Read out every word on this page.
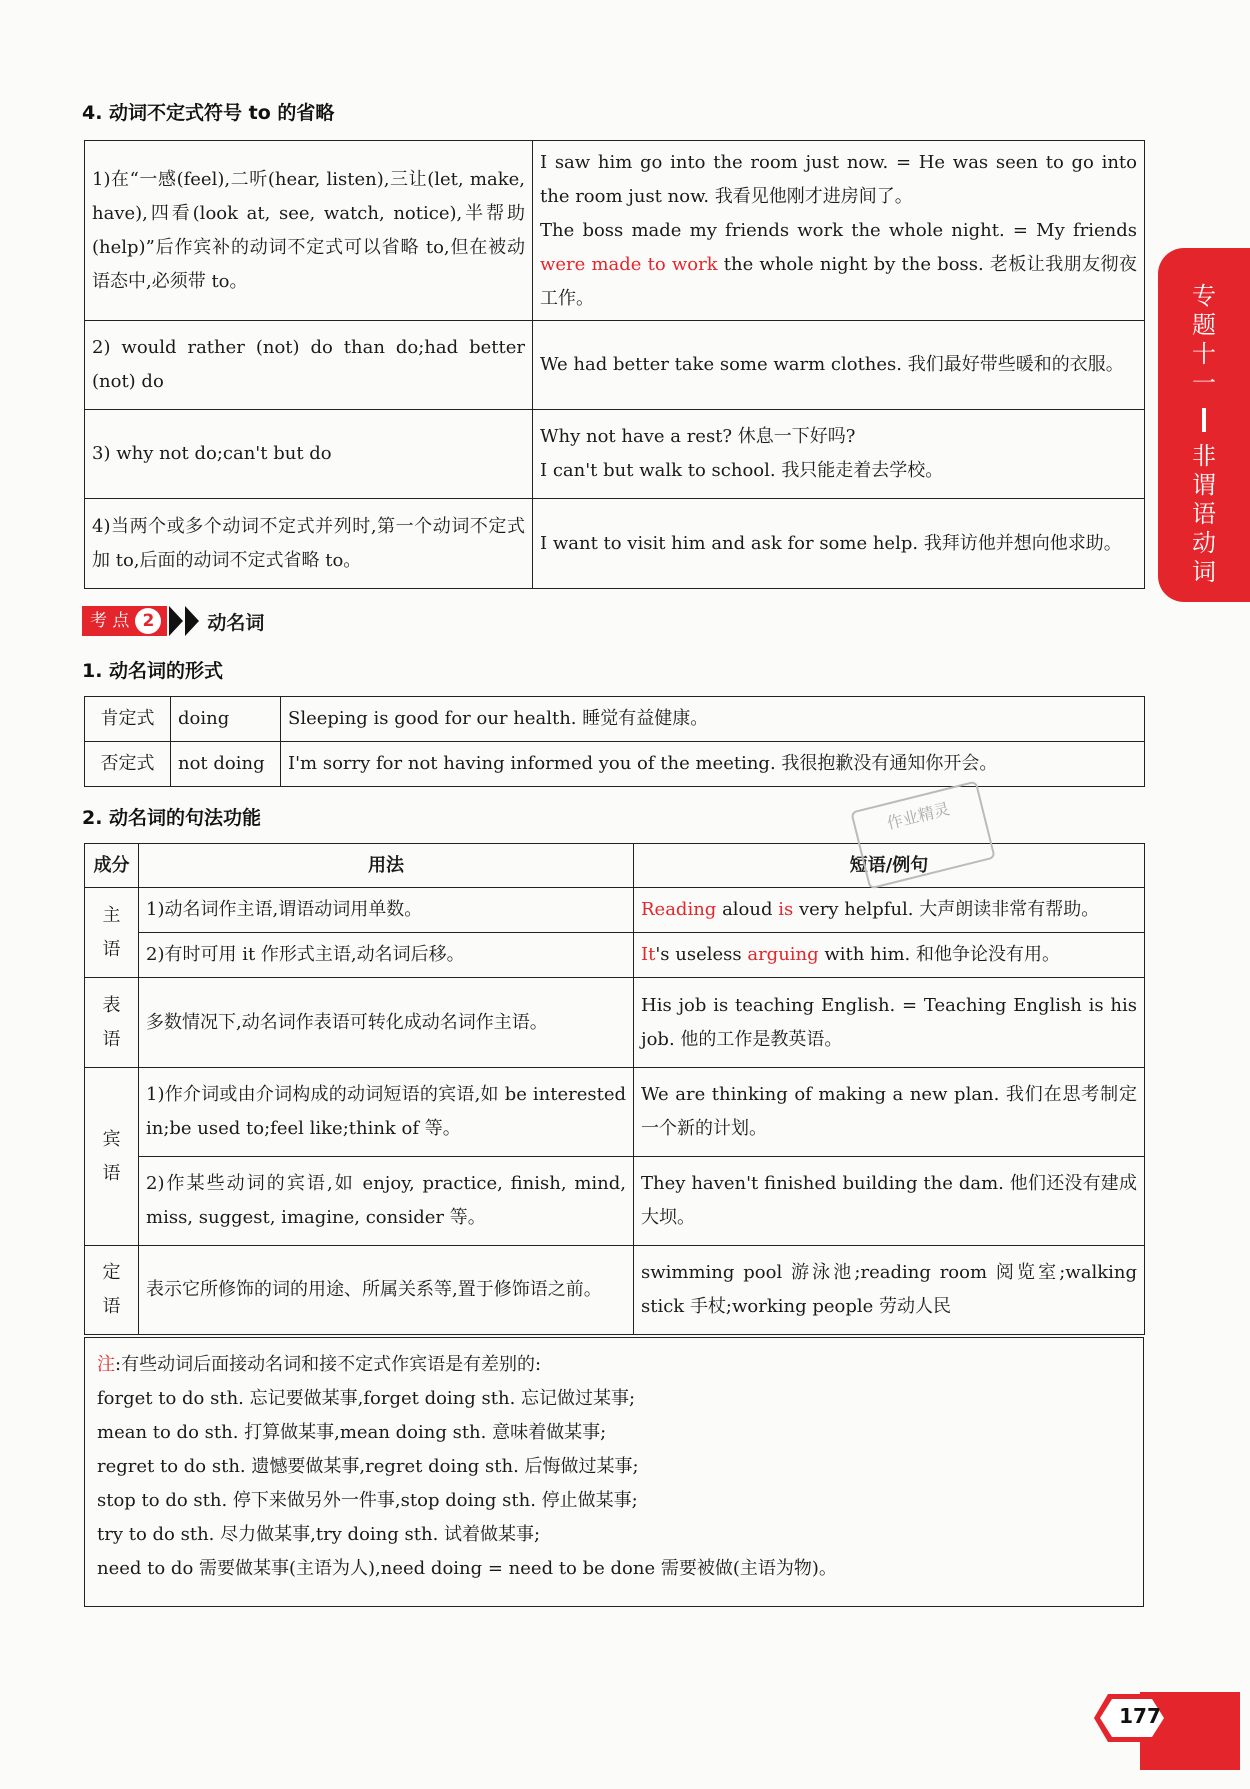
4. 动词不定式符号 to 的省略
1)在“一感(feel),二听(hear, listen),三让(let, make, have),四看(look at, see, watch, notice),半帮助(help)”后作宾补的动词不定式可以省略 to,但在被动语态中,必须带 to。	I saw him go into the room just now. = He was seen to go into the room just now. 我看见他刚才进房间了。
The boss made my friends work the whole night. = My friends were made to work the whole night by the boss. 老板让我朋友彻夜工作。

2) would rather (not) do than do;had better (not) do	We had better take some warm clothes. 我们最好带些暖和的衣服。
3) why not do;can't but do	Why not have a rest? 休息一下好吗?
I can't but walk to school. 我只能走着去学校。

4)当两个或多个动词不定式并列时,第一个动词不定式加 to,后面的动词不定式省略 to。	I want to visit him and ask for some help. 我拜访他并想向他求助。
考 点 2	动名词
1. 动名词的形式
肯定式	doing	Sleeping is good for our health. 睡觉有益健康。
否定式	not doing	I'm sorry for not having informed you of the meeting. 我很抱歉没有通知你开会。
2. 动名词的句法功能
成分	用法	短语/例句

主语	1)动名词作主语,谓语动词用单数。	Reading aloud is very helpful. 大声朗读非常有帮助。
	2)有时可用 it 作形式主语,动名词后移。	It's useless arguing with him. 和他争论没有用。

表语	多数情况下,动名词作表语可转化成动名词作主语。	His job is teaching English. = Teaching English is his job. 他的工作是教英语。

宾语	1)作介词或由介词构成的动词短语的宾语,如 be interested in;be used to;feel like;think of 等。	We are thinking of making a new plan. 我们在思考制定一个新的计划。
	2)作某些动词的宾语,如 enjoy, practice, finish, mind, miss, suggest, imagine, consider 等。	They haven't finished building the dam. 他们还没有建成大坝。

定语	表示它所修饰的词的用途、所属关系等,置于修饰语之前。	swimming pool 游泳池;reading room 阅览室;walking stick 手杖;working people 劳动人民
注:有些动词后面接动名词和接不定式作宾语是有差别的:
forget to do sth. 忘记要做某事,forget doing sth. 忘记做过某事;
mean to do sth. 打算做某事,mean doing sth. 意味着做某事;
regret to do sth. 遗憾要做某事,regret doing sth. 后悔做过某事;
stop to do sth. 停下来做另外一件事,stop doing sth. 停止做某事;
try to do sth. 尽力做某事,try doing sth. 试着做某事;
need to do 需要做某事(主语为人),need doing = need to be done 需要被做(主语为物)。
专题十一
非谓语动词
177
作业精灵
